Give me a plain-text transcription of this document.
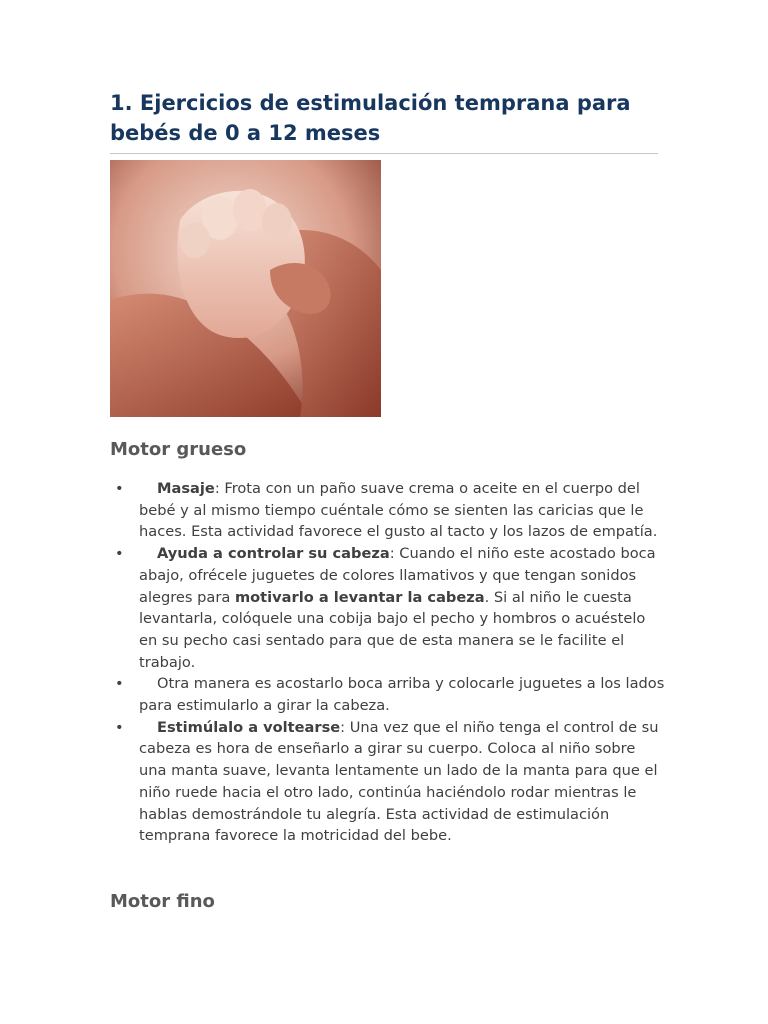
1. Ejercicios de estimulación temprana para bebés de 0 a 12 meses
Motor grueso
• Masaje: Frota con un paño suave crema o aceite en el cuerpo del bebé y al mismo tiempo cuéntale cómo se sienten las caricias que le haces. Esta actividad favorece el gusto al tacto y los lazos de empatía.
• Ayuda a controlar su cabeza: Cuando el niño este acostado boca abajo, ofrécele juguetes de colores llamativos y que tengan sonidos alegres para motivarlo a levantar la cabeza. Si al niño le cuesta levantarla, colóquele una cobija bajo el pecho y hombros o acuéstelo en su pecho casi sentado para que de esta manera se le facilite el trabajo.
• Otra manera es acostarlo boca arriba y colocarle juguetes a los lados para estimularlo a girar la cabeza.
• Estimúlalo a voltearse: Una vez que el niño tenga el control de su cabeza es hora de enseñarlo a girar su cuerpo. Coloca al niño sobre una manta suave, levanta lentamente un lado de la manta para que el niño ruede hacia el otro lado, continúa haciéndolo rodar mientras le hablas demostrándole tu alegría. Esta actividad de estimulación temprana favorece la motricidad del bebe.
Motor fino
